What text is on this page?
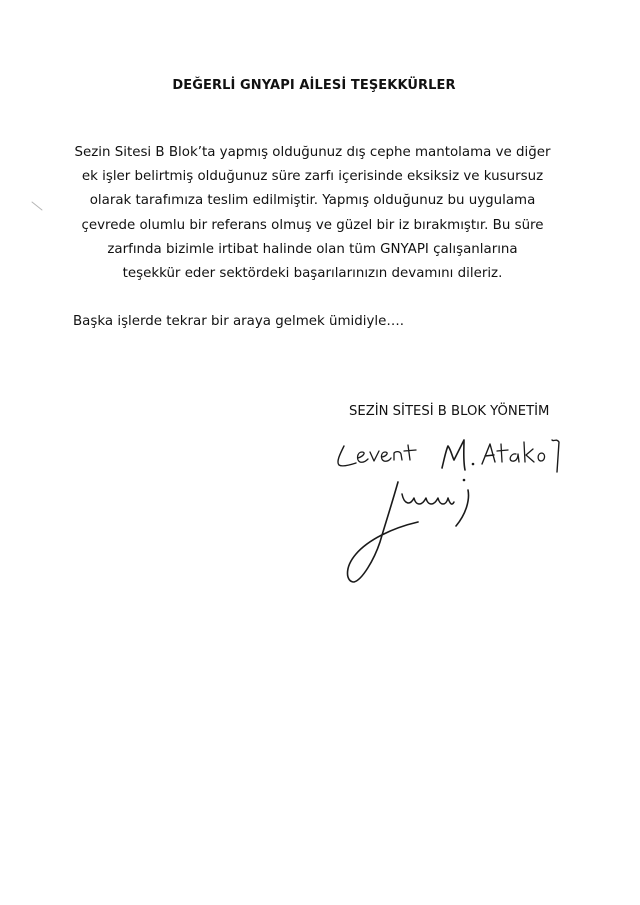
DEĞERLİ GNYAPI AİLESİ TEŞEKKÜRLER

Sezin Sitesi B Blok’ta yapmış olduğunuz dış cephe mantolama ve diğer
ek işler belirtmiş olduğunuz süre zarfı içerisinde eksiksiz ve kusursuz
olarak tarafımıza teslim edilmiştir. Yapmış olduğunuz bu uygulama
çevrede olumlu bir referans olmuş ve güzel bir iz bırakmıştır. Bu süre
zarfında bizimle irtibat halinde olan tüm GNYAPI çalışanlarına
teşekkür eder sektördeki başarılarınızın devamını dileriz.

Başka işlerde tekrar bir araya gelmek ümidiyle….
SEZİN SİTESİ B BLOK YÖNETİM
